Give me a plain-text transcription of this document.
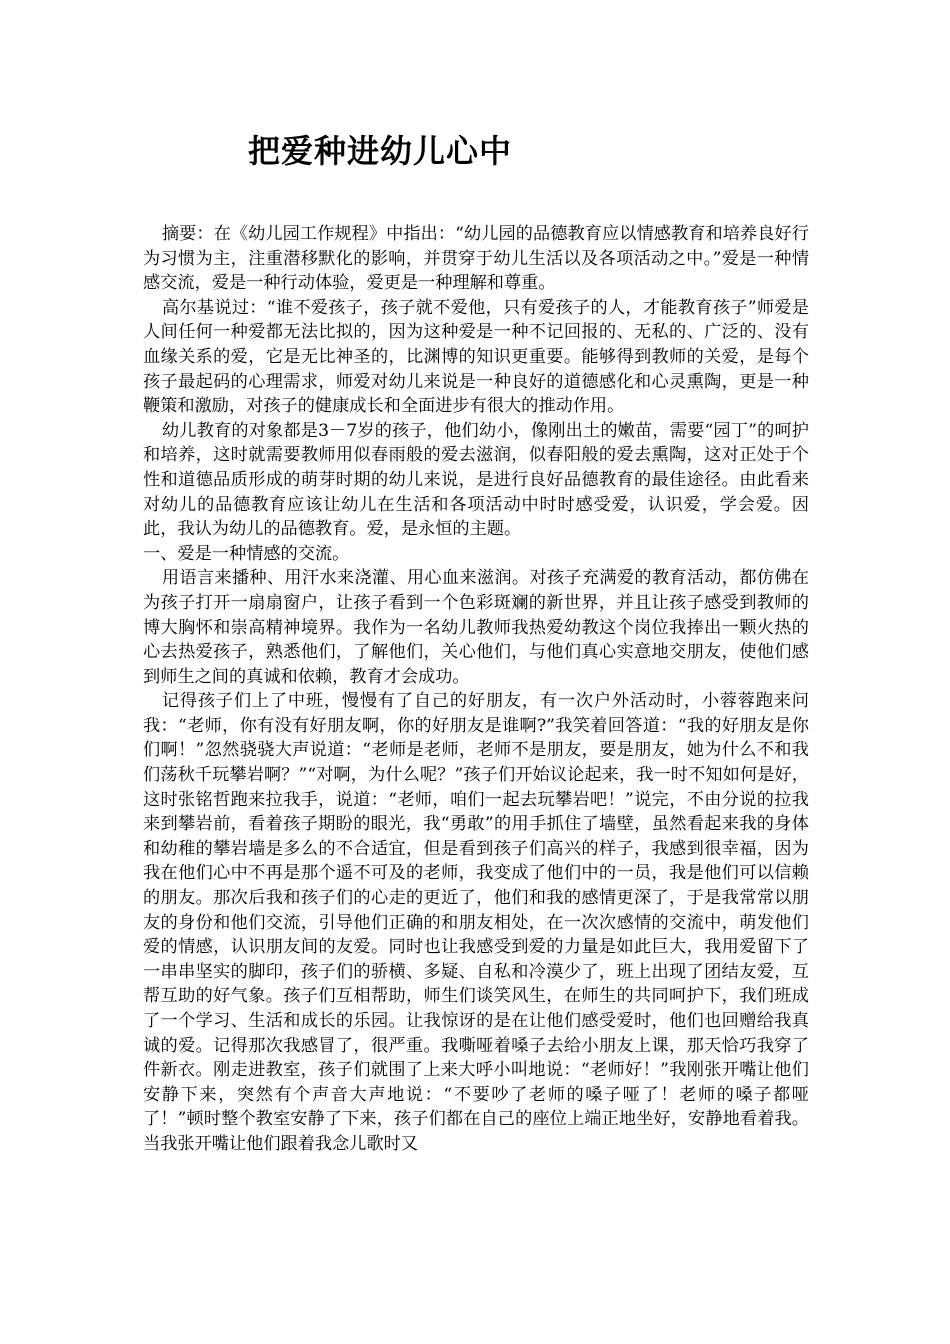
把爱种进幼儿心中

摘要：在《幼儿园工作规程》中指出：“幼儿园的品德教育应以情感教育和培养良好行为习惯为主，注重潜移默化的影响，并贯穿于幼儿生活以及各项活动之中。”爱是一种情感交流，爱是一种行动体验，爱更是一种理解和尊重。

高尔基说过：“谁不爱孩子，孩子就不爱他，只有爱孩子的人，才能教育孩子”师爱是人间任何一种爱都无法比拟的，因为这种爱是一种不记回报的、无私的、广泛的、没有血缘关系的爱，它是无比神圣的，比渊博的知识更重要。能够得到教师的关爱，是每个孩子最起码的心理需求，师爱对幼儿来说是一种良好的道德感化和心灵熏陶，更是一种鞭策和激励，对孩子的健康成长和全面进步有很大的推动作用。

幼儿教育的对象都是3－7岁的孩子，他们幼小，像刚出土的嫩苗，需要“园丁”的呵护和培养，这时就需要教师用似春雨般的爱去滋润，似春阳般的爱去熏陶，这对正处于个性和道德品质形成的萌芽时期的幼儿来说，是进行良好品德教育的最佳途径。由此看来对幼儿的品德教育应该让幼儿在生活和各项活动中时时感受爱，认识爱，学会爱。因此，我认为幼儿的品德教育。爱，是永恒的主题。

一、爱是一种情感的交流。

用语言来播种、用汗水来浇灌、用心血来滋润。对孩子充满爱的教育活动，都仿佛在为孩子打开一扇扇窗户，让孩子看到一个色彩斑斓的新世界，并且让孩子感受到教师的博大胸怀和崇高精神境界。我作为一名幼儿教师我热爱幼教这个岗位我捧出一颗火热的心去热爱孩子，熟悉他们，了解他们，关心他们，与他们真心实意地交朋友，使他们感到师生之间的真诚和依赖，教育才会成功。

记得孩子们上了中班，慢慢有了自己的好朋友，有一次户外活动时，小蓉蓉跑来问我：“老师，你有没有好朋友啊，你的好朋友是谁啊?”我笑着回答道：“我的好朋友是你们啊！”忽然骁骁大声说道：“老师是老师，老师不是朋友，要是朋友，她为什么不和我们荡秋千玩攀岩啊？”“对啊，为什么呢？”孩子们开始议论起来，我一时不知如何是好，这时张铭哲跑来拉我手，说道：“老师，咱们一起去玩攀岩吧！”说完，不由分说的拉我来到攀岩前，看着孩子期盼的眼光，我“勇敢”的用手抓住了墙壁，虽然看起来我的身体和幼稚的攀岩墙是多么的不合适宜，但是看到孩子们高兴的样子，我感到很幸福，因为我在他们心中不再是那个遥不可及的老师，我变成了他们中的一员，我是他们可以信赖的朋友。那次后我和孩子们的心走的更近了，他们和我的感情更深了，于是我常常以朋友的身份和他们交流，引导他们正确的和朋友相处，在一次次感情的交流中，萌发他们爱的情感，认识朋友间的友爱。同时也让我感受到爱的力量是如此巨大，我用爱留下了一串串坚实的脚印，孩子们的骄横、多疑、自私和冷漠少了，班上出现了团结友爱，互帮互助的好气象。孩子们互相帮助，师生们谈笑风生，在师生的共同呵护下，我们班成了一个学习、生活和成长的乐园。让我惊讶的是在让他们感受爱时，他们也回赠给我真诚的爱。记得那次我感冒了，很严重。我嘶哑着嗓子去给小朋友上课，那天恰巧我穿了件新衣。刚走进教室，孩子们就围了上来大呼小叫地说：“老师好！”我刚张开嘴让他们安静下来，突然有个声音大声地说：“不要吵了老师的嗓子哑了！老师的嗓子都哑了！”顿时整个教室安静了下来，孩子们都在自己的座位上端正地坐好，安静地看着我。当我张开嘴让他们跟着我念儿歌时又
